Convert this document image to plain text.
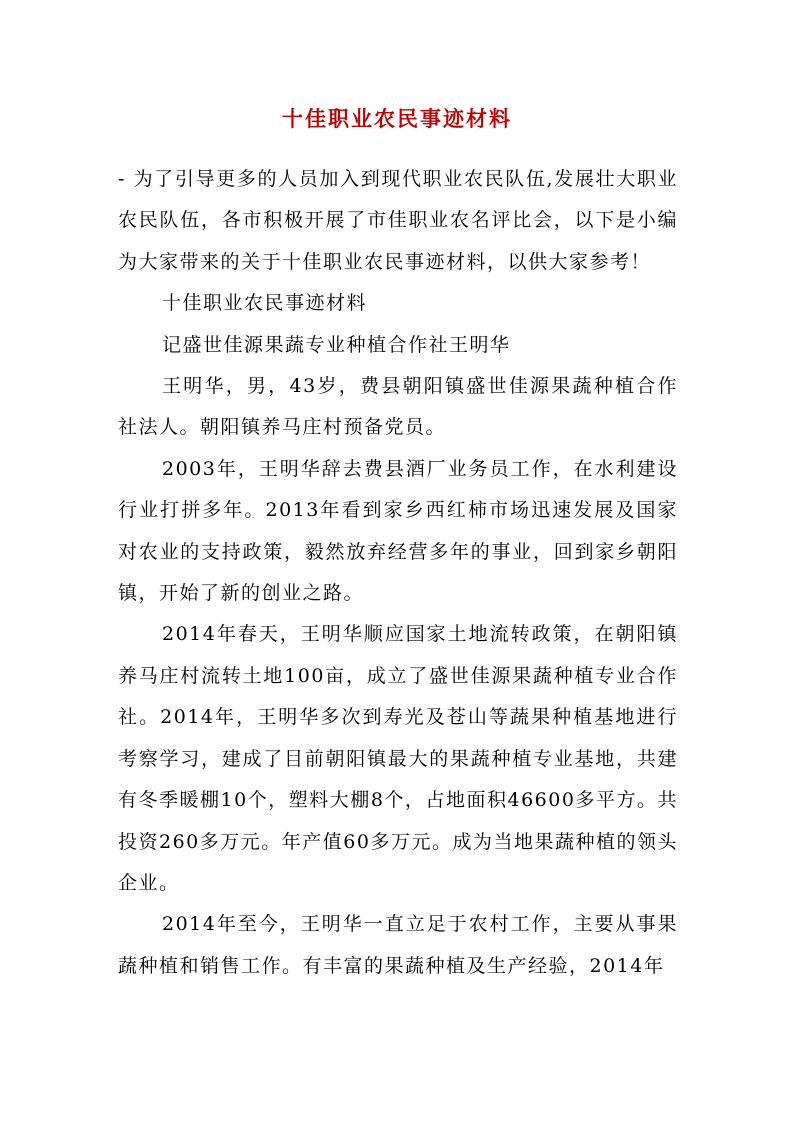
十佳职业农民事迹材料

- 为了引导更多的人员加入到现代职业农民队伍,发展壮大职业农民队伍，各市积极开展了市佳职业农名评比会，以下是小编为大家带来的关于十佳职业农民事迹材料，以供大家参考！

十佳职业农民事迹材料

记盛世佳源果蔬专业种植合作社王明华

王明华，男，43岁，费县朝阳镇盛世佳源果蔬种植合作社法人。朝阳镇养马庄村预备党员。

2003年，王明华辞去费县酒厂业务员工作，在水利建设行业打拼多年。2013年看到家乡西红柿市场迅速发展及国家对农业的支持政策，毅然放弃经营多年的事业，回到家乡朝阳镇，开始了新的创业之路。

2014年春天，王明华顺应国家土地流转政策，在朝阳镇养马庄村流转土地100亩，成立了盛世佳源果蔬种植专业合作社。2014年，王明华多次到寿光及苍山等蔬果种植基地进行考察学习，建成了目前朝阳镇最大的果蔬种植专业基地，共建有冬季暖棚10个，塑料大棚8个，占地面积46600多平方。共投资260多万元。年产值60多万元。成为当地果蔬种植的领头企业。

2014年至今，王明华一直立足于农村工作，主要从事果蔬种植和销售工作。有丰富的果蔬种植及生产经验，2014年
